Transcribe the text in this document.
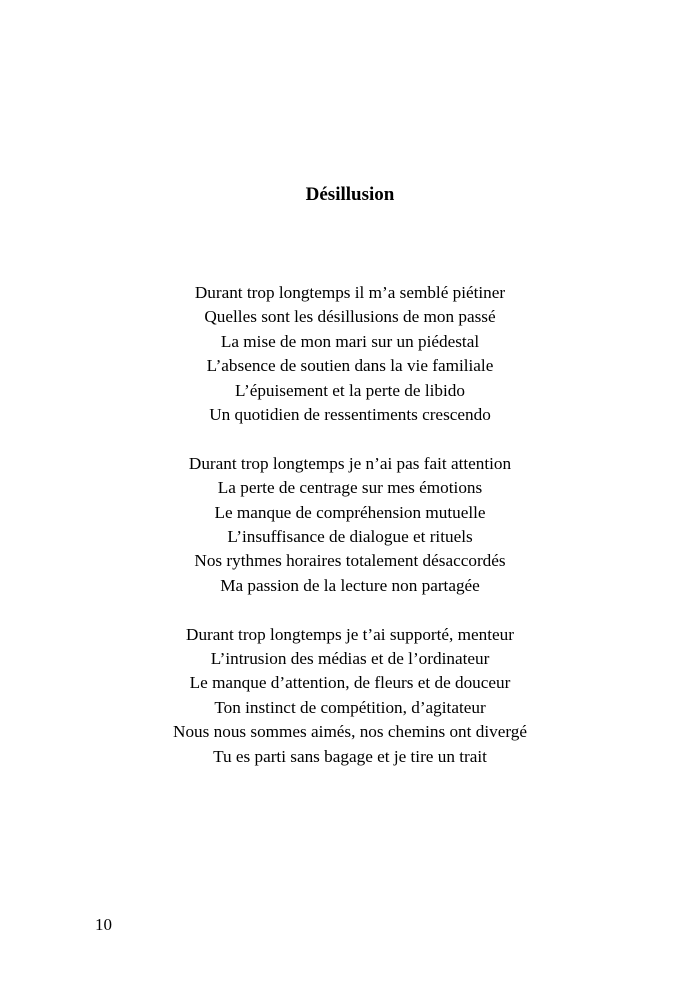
Désillusion
Durant trop longtemps il m’a semblé piétiner
Quelles sont les désillusions de mon passé
La mise de mon mari sur un piédestal
L’absence de soutien dans la vie familiale
L’épuisement et la perte de libido
Un quotidien de ressentiments crescendo
Durant trop longtemps je n’ai pas fait attention
La perte de centrage sur mes émotions
Le manque de compréhension mutuelle
L’insuffisance de dialogue et rituels
Nos rythmes horaires totalement désaccordés
Ma passion de la lecture non partagée
Durant trop longtemps je t’ai supporté, menteur
L’intrusion des médias et de l’ordinateur
Le manque d’attention, de fleurs et de douceur
Ton instinct de compétition, d’agitateur
Nous nous sommes aimés, nos chemins ont divergé
Tu es parti sans bagage et je tire un trait
10
